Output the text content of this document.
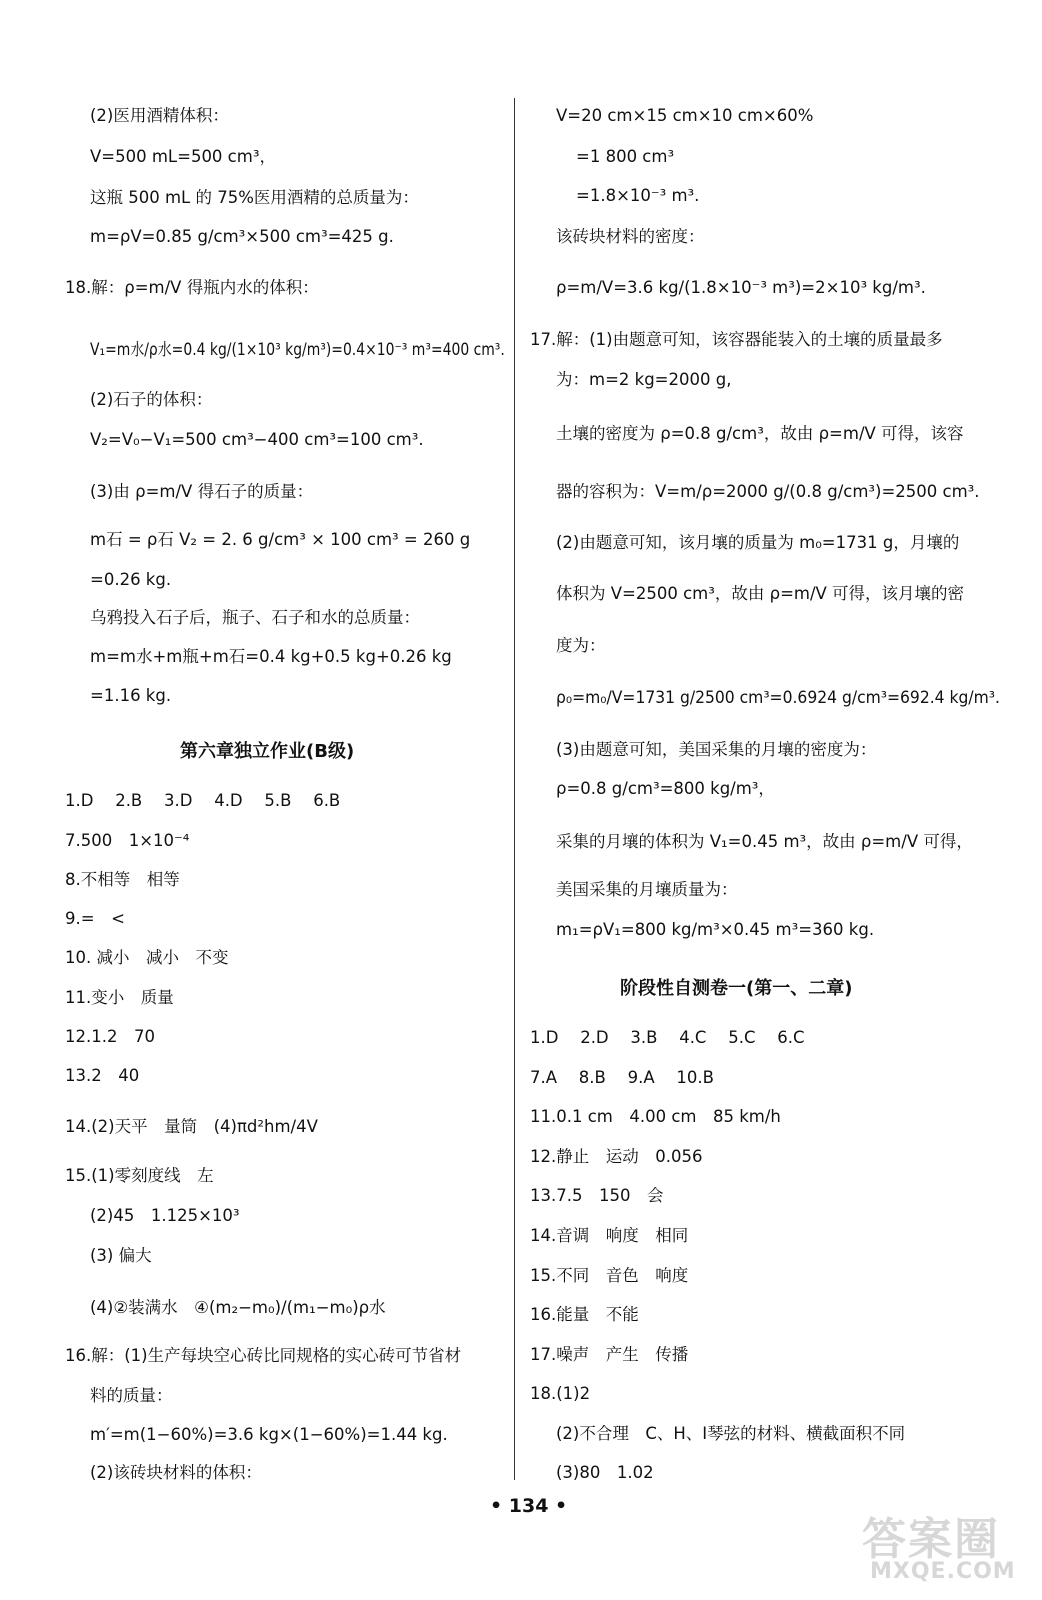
(2)医用酒精体积：
V=500 mL=500 cm³，
这瓶 500 mL 的 75%医用酒精的总质量为：
m=ρV=0.85 g/cm³×500 cm³=425 g.
18.解：ρ=m/V 得瓶内水的体积：
V₁=m水/ρ水=0.4 kg/(1×10³ kg/m³)=0.4×10⁻³ m³=400 cm³.
(2)石子的体积：
V₂=V₀−V₁=500 cm³−400 cm³=100 cm³.
(3)由 ρ=m/V 得石子的质量：
m石 = ρ石 V₂ = 2. 6 g/cm³ × 100 cm³ = 260 g
=0.26 kg.
乌鸦投入石子后，瓶子、石子和水的总质量：
m=m水+m瓶+m石=0.4 kg+0.5 kg+0.26 kg
=1.16 kg.
1.D　 2.B　 3.D　 4.D　 5.B　 6.B
7.500　1×10⁻⁴
8.不相等　相等
9.=　<
10. 减小　减小　不变
11.变小　质量
12.1.2　70
13.2　40
14.(2)天平　量筒　(4)πd²hm/4V
15.(1)零刻度线　左
(2)45　1.125×10³
(3) 偏大
(4)②装满水　④(m₂−m₀)/(m₁−m₀)ρ水
16.解：(1)生产每块空心砖比同规格的实心砖可节省材
料的质量：
m′=m(1−60%)=3.6 kg×(1−60%)=1.44 kg.
(2)该砖块材料的体积：
第六章独立作业(B级)
V=20 cm×15 cm×10 cm×60%
=1 800 cm³
=1.8×10⁻³ m³.
该砖块材料的密度：
ρ=m/V=3.6 kg/(1.8×10⁻³ m³)=2×10³ kg/m³.
17.解：(1)由题意可知，该容器能装入的土壤的质量最多
为：m=2 kg=2000 g,
土壤的密度为 ρ=0.8 g/cm³，故由 ρ=m/V 可得，该容
器的容积为：V=m/ρ=2000 g/(0.8 g/cm³)=2500 cm³.
(2)由题意可知，该月壤的质量为 m₀=1731 g，月壤的
体积为 V=2500 cm³，故由 ρ=m/V 可得，该月壤的密
度为：
ρ₀=m₀/V=1731 g/2500 cm³=0.6924 g/cm³=692.4 kg/m³.
(3)由题意可知，美国采集的月壤的密度为：
ρ=0.8 g/cm³=800 kg/m³，
采集的月壤的体积为 V₁=0.45 m³，故由 ρ=m/V 可得，
美国采集的月壤质量为：
m₁=ρV₁=800 kg/m³×0.45 m³=360 kg.
1.D　 2.D　 3.B　 4.C　 5.C　 6.C
7.A　 8.B　 9.A　 10.B
11.0.1 cm　4.00 cm　85 km/h
12.静止　运动　0.056
13.7.5　150　会
14.音调　响度　相同
15.不同　音色　响度
16.能量　不能
17.噪声　产生　传播
18.(1)2
(2)不合理　C、H、I琴弦的材料、横截面积不同
(3)80　1.02
阶段性自测卷一(第一、二章)
• 134 •
答案圈
MXQE.COM
